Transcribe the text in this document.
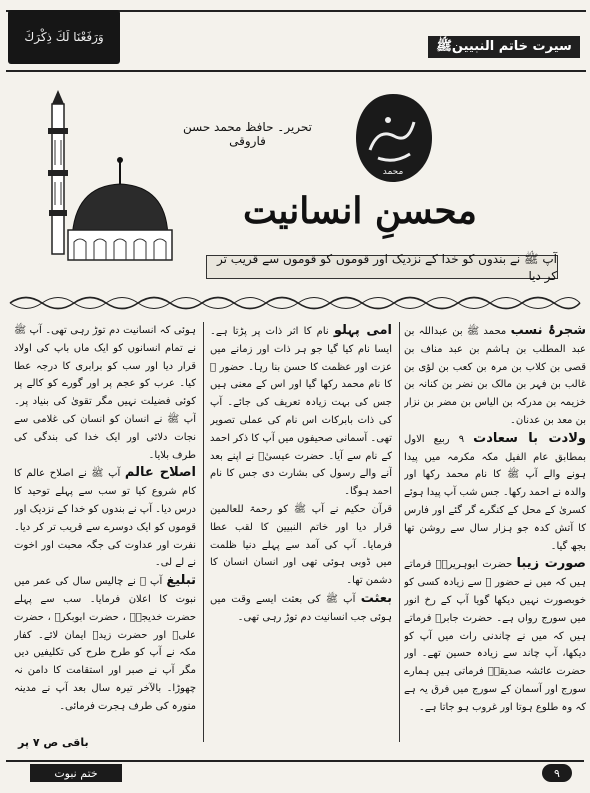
وَرَفَعْنَا لَكَ ذِكْرَكَ
سیرت خاتم النبیینﷺ
تحریر۔ حافظ محمد حسن فاروقی
محمد
محسنِ انسانیت
آپ ﷺ نے بندوں کو خدا کے نزدیک اور قوموں کو قوموں سے قریب تر کر دیا
شجرۂ نسب محمد ﷺ بن عبداللہ بن عبد المطلب بن ہاشم بن عبد مناف بن قصی بن کلاب بن مرہ بن کعب بن لؤی بن غالب بن فہر بن مالک بن نضر بن کنانہ بن خزیمہ بن مدرکہ بن الیاس بن مضر بن نزار بن معد بن عدنان۔
ولادت با سعادت ۹ ربیع الاول بمطابق عام الفیل مکہ مکرمہ میں پیدا ہونے والے آپ ﷺ کا نام محمد رکھا اور والدہ نے احمد رکھا۔ جس شب آپ پیدا ہوئے کسریٰ کے محل کے کنگرے گر گئے اور فارس کا آتش کدہ جو ہزار سال سے روشن تھا بجھ گیا۔
صورت زیبا حضرت ابوہریرہؓ فرماتے ہیں کہ میں نے حضور ﷺ سے زیادہ کسی کو خوبصورت نہیں دیکھا گویا آپ کے رخ انور میں سورج رواں ہے۔ حضرت جابرؓ فرماتے ہیں کہ میں نے چاندنی رات میں آپ کو دیکھا، آپ چاند سے زیادہ حسین تھے۔ اور حضرت عائشہ صدیقہؓ فرماتی ہیں ہمارے سورج اور آسمان کے سورج میں فرق یہ ہے کہ وہ طلوع ہوتا اور غروب ہو جاتا ہے۔
امی پہلو نام کا اثر ذات پر پڑتا ہے۔ ایسا نام کیا گیا جو ہر ذات اور زمانے میں عزت اور عظمت کا حسن بنا رہا۔ حضور ﷺ کا نام محمد رکھا گیا اور اس کے معنی ہیں جس کی بہت زیادہ تعریف کی جائے۔ آپ کی ذات بابرکات اس نام کی عملی تصویر تھی۔ آسمانی صحیفوں میں آپ کا ذکر احمد کے نام سے آیا۔ حضرت عیسیٰؑ نے اپنے بعد آنے والے رسول کی بشارت دی جس کا نام احمد ہوگا۔
قرآن حکیم نے آپ ﷺ کو رحمۃ للعالمین قرار دیا اور خاتم النبیین کا لقب عطا فرمایا۔ آپ کی آمد سے پہلے دنیا ظلمت میں ڈوبی ہوئی تھی اور انسان انسان کا دشمن تھا۔
بعثت آپ ﷺ کی بعثت ایسے وقت میں ہوئی جب انسانیت دم توڑ رہی تھی۔
ہوئی کہ انسانیت دم توڑ رہی تھی۔ آپ ﷺ نے تمام انسانوں کو ایک ماں باپ کی اولاد قرار دیا اور سب کو برابری کا درجہ عطا کیا۔ عرب کو عجم پر اور گورے کو کالے پر کوئی فضیلت نہیں مگر تقویٰ کی بنیاد پر۔ آپ ﷺ نے انسان کو انسان کی غلامی سے نجات دلائی اور ایک خدا کی بندگی کی طرف بلایا۔
اصلاح عالم آپ ﷺ نے اصلاح عالم کا کام شروع کیا تو سب سے پہلے توحید کا درس دیا۔ آپ نے بندوں کو خدا کے نزدیک اور قوموں کو ایک دوسرے سے قریب تر کر دیا۔ نفرت اور عداوت کی جگہ محبت اور اخوت نے لے لی۔
تبلیغ آپ ﷺ نے چالیس سال کی عمر میں نبوت کا اعلان فرمایا۔ سب سے پہلے حضرت خدیجہؓ ، حضرت ابوبکرؓ ، حضرت علیؓ اور حضرت زیدؓ ایمان لائے۔ کفار مکہ نے آپ کو طرح طرح کی تکلیفیں دیں مگر آپ نے صبر اور استقامت کا دامن نہ چھوڑا۔ بالآخر تیرہ سال بعد آپ نے مدینہ منورہ کی طرف ہجرت فرمائی۔
باقی ص ۷ پر
ختم نبوت	۹
